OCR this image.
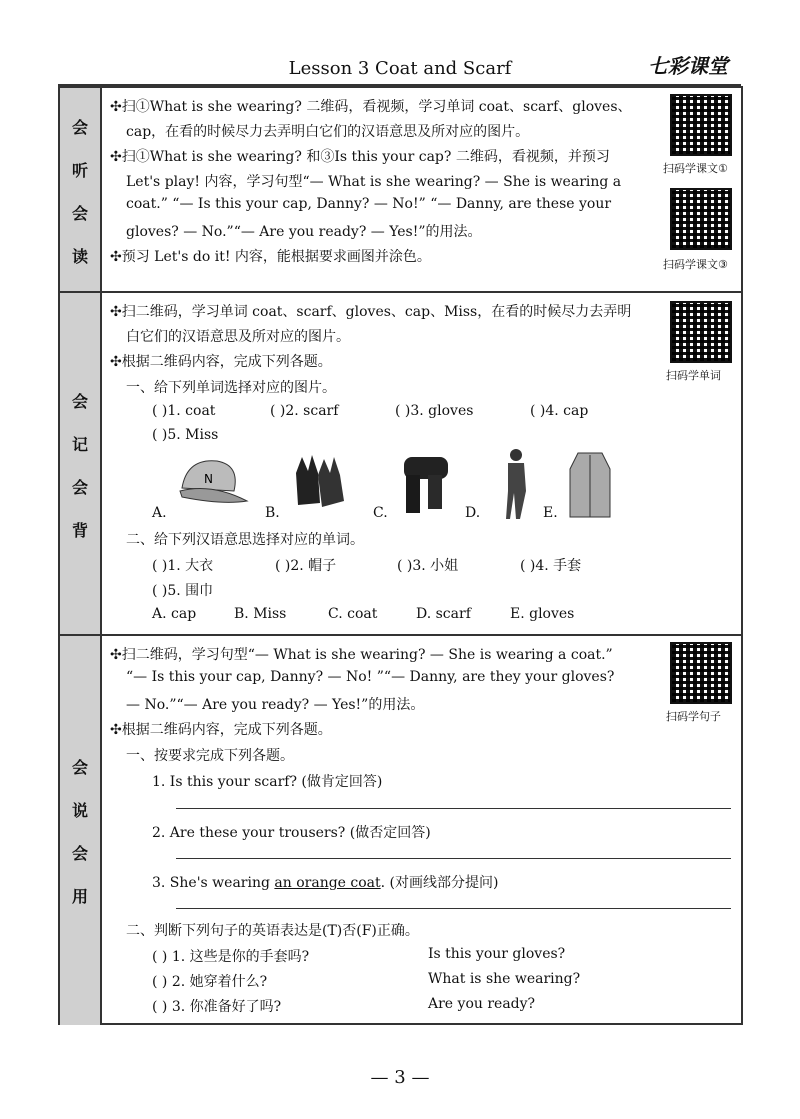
Lesson 3 Coat and Scarf	七彩课堂
会
听
会
读
✣扫①What is she wearing? 二维码，看视频，学习单词 coat、scarf、gloves、
cap，在看的时候尽力去弄明白它们的汉语意思及所对应的图片。
✣扫①What is she wearing? 和③Is this your cap? 二维码，看视频，并预习
Let's play! 内容，学习句型“— What is she wearing? — She is wearing a
coat.” “— Is this your cap, Danny? — No!” “— Danny, are these your
gloves? — No.”“— Are you ready? — Yes!”的用法。
✣预习 Let's do it! 内容，能根据要求画图并涂色。
扫码学课文①
扫码学课文③
会
记
会
背
✣扫二维码，学习单词 coat、scarf、gloves、cap、Miss，在看的时候尽力去弄明
白它们的汉语意思及所对应的图片。
✣根据二维码内容，完成下列各题。
一、给下列单词选择对应的图片。
扫码学单词
( )1. coat	( )2. scarf	( )3. gloves	( )4. cap
( )5. Miss
N
A.	B.	C.	D.	E.
二、给下列汉语意思选择对应的单词。
( )1. 大衣	( )2. 帽子	( )3. 小姐	( )4. 手套
( )5. 围巾
A. cap	B. Miss	C. coat	D. scarf	E. gloves
会
说
会
用
✣扫二维码，学习句型“— What is she wearing? — She is wearing a coat.”
“— Is this your cap, Danny? — No! ”“— Danny, are they your gloves?
— No.”“— Are you ready? — Yes!”的用法。
✣根据二维码内容，完成下列各题。
一、按要求完成下列各题。
扫码学句子
1. Is this your scarf? (做肯定回答)
2. Are these your trousers? (做否定回答)
3. She's wearing an orange coat. (对画线部分提问)
二、判断下列句子的英语表达是(T)否(F)正确。
( ) 1. 这些是你的手套吗?	Is this your gloves?
( ) 2. 她穿着什么?	What is she wearing?
( ) 3. 你准备好了吗?	Are you ready?
— 3 —
